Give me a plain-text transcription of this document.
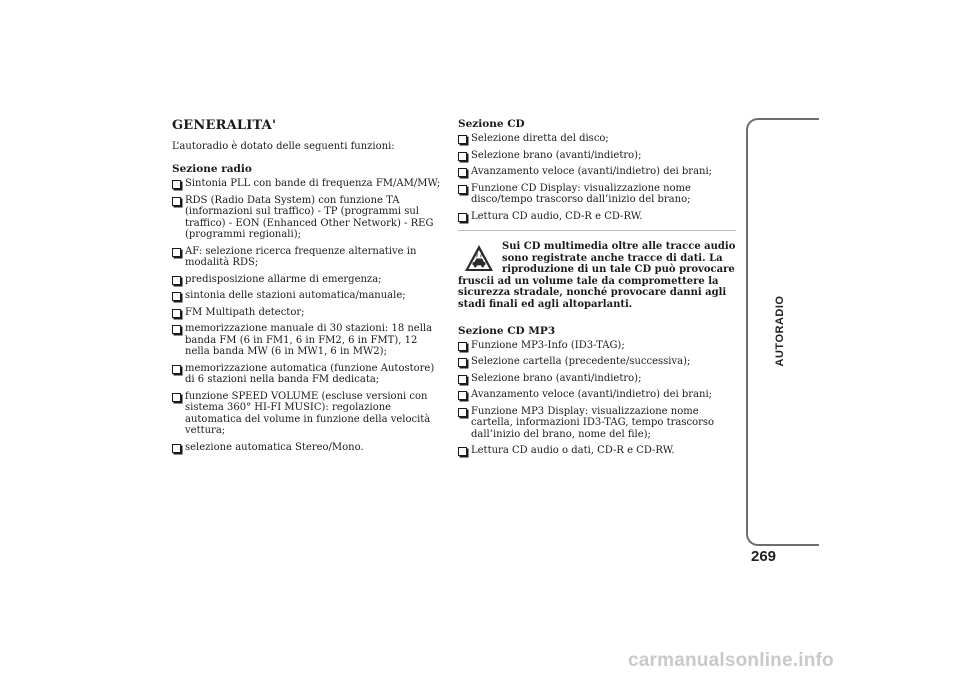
GENERALITA'

L’autoradio è dotato delle seguenti funzioni:

Sezione radio
Sintonia PLL con bande di frequenza FM/AM/MW;
RDS (Radio Data System) con funzione TA (informazioni sul traffico) - TP (programmi sul traffico) - EON (Enhanced Other Network) - REG (programmi regionali);
AF: selezione ricerca frequenze alternative in modalità RDS;
predisposizione allarme di emergenza;
sintonia delle stazioni automatica/manuale;
FM Multipath detector;
memorizzazione manuale di 30 stazioni: 18 nella banda FM (6 in FM1, 6 in FM2, 6 in FMT), 12 nella banda MW (6 in MW1, 6 in MW2);
memorizzazione automatica (funzione Autostore) di 6 stazioni nella banda FM dedicata;
funzione SPEED VOLUME (escluse versioni con sistema 360° HI-FI MUSIC): regolazione automatica del volume in funzione della velocità vettura;
selezione automatica Stereo/Mono.
Sezione CD
Selezione diretta del disco;
Selezione brano (avanti/indietro);
Avanzamento veloce (avanti/indietro) dei brani;
Funzione CD Display: visualizzazione nome disco/tempo trascorso dall’inizio del brano;
Lettura CD audio, CD-R e CD-RW.

Sui CD multimedia oltre alle tracce audio sono registrate anche tracce di dati. La riproduzione di un tale CD può provocare fruscii ad un volume tale da compromettere la sicurezza stradale, nonché provocare danni agli stadi finali ed agli altoparlanti.

Sezione CD MP3
Funzione MP3-Info (ID3-TAG);
Selezione cartella (precedente/successiva);
Selezione brano (avanti/indietro);
Avanzamento veloce (avanti/indietro) dei brani;
Funzione MP3 Display: visualizzazione nome cartella, informazioni ID3-TAG, tempo trascorso dall’inizio del brano, nome del file);
Lettura CD audio o dati, CD-R e CD-RW.
AUTORADIO
269
carmanualsonline.info
